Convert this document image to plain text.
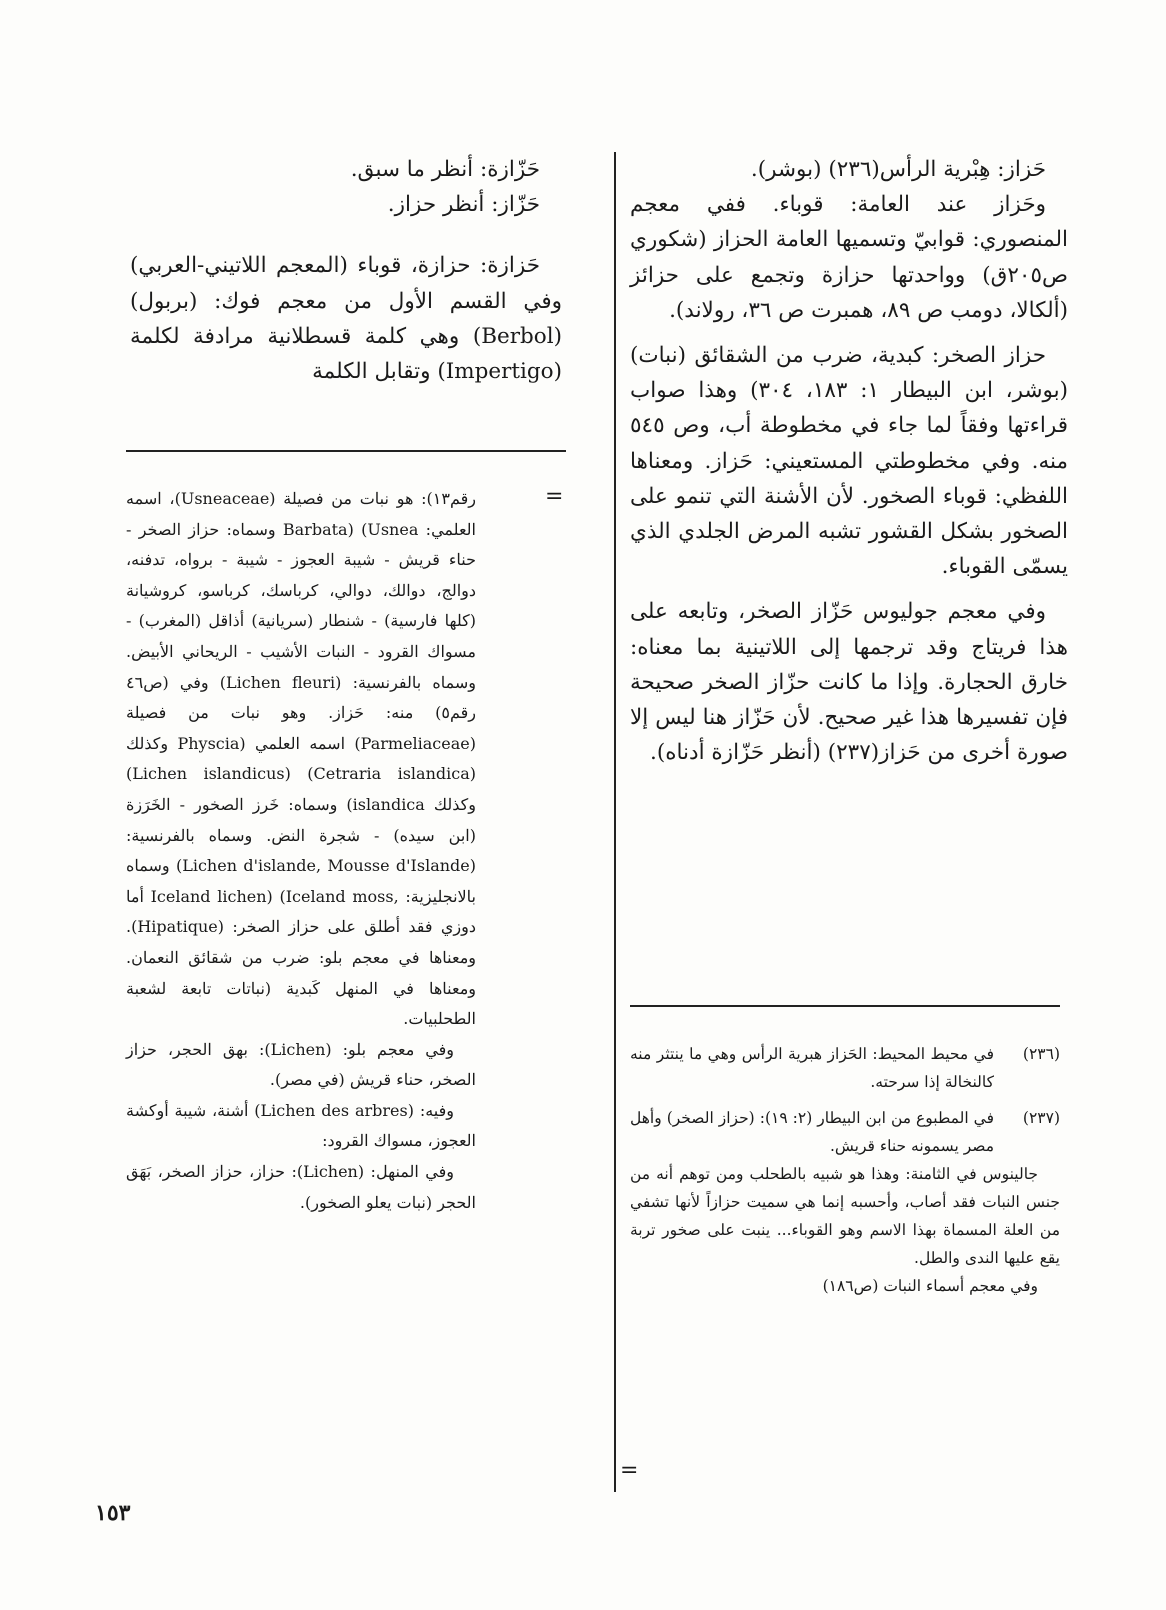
حَزاز: هِبْرية الرأس(٢٣٦) (بوشر).

وحَزاز عند العامة: قوباء. ففي معجم المنصوري: قوابيّ وتسميها العامة الحزاز (شكوري ص٢٠٥ق) وواحدتها حزازة وتجمع على حزائز (ألكالا، دومب ص ٨٩، همبرت ص ٣٦، رولاند).

حزاز الصخر: كبدية، ضرب من الشقائق (نبات) (بوشر، ابن البيطار ١: ١٨٣، ٣٠٤) وهذا صواب قراءتها وفقاً لما جاء في مخطوطة أب، وص ٥٤٥ منه. وفي مخطوطتي المستعيني: حَزاز. ومعناها اللفظي: قوباء الصخور. لأن الأشنة التي تنمو على الصخور بشكل القشور تشبه المرض الجلدي الذي يسمّى القوباء.

وفي معجم جوليوس حَزّاز الصخر، وتابعه على هذا فريتاج وقد ترجمها إلى اللاتينية بما معناه: خارق الحجارة. وإذا ما كانت حزّاز الصخر صحيحة فإن تفسيرها هذا غير صحيح. لأن حَزّاز هنا ليس إلا صورة أخرى من حَزاز(٢٣٧) (أنظر حَزّازة أدناه).

حَزّازة: أنظر ما سبق.

حَزّاز: أنظر حزاز.

حَزازة: حزازة، قوباء (المعجم اللاتيني-العربي) وفي القسم الأول من معجم فوك: (بربول) (Berbol) وهي كلمة قسطلانية مرادفة لكلمة (Impertigo) وتقابل الكلمة

=

رقم١٣): هو نبات من فصيلة (Usneaceae)، اسمه العلمي: Usnea) (Barbata وسماه: حزاز الصخر - حناء قريش - شيبة العجوز - شيبة - برواه، تدفنه، دوالج، دوالك، دوالي، كرباسك، كرباسو، كروشيانة (كلها فارسية) - شنطار (سريانية) أذاقل (المغرب) - مسواك القرود - النبات الأشيب - الريحاني الأبيض. وسماه بالفرنسية: (Lichen fleuri) وفي (ص٤٦ رقم٥) منه: حَزاز. وهو نبات من فصيلة (Parmeliaceae) اسمه العلمي (Physcia وكذلك (Cetraria islandica) (Lichen islandicus) وكذلك islandica) وسماه: خَرز الصخور - الخَرَزة (ابن سيده) - شجرة النض. وسماه بالفرنسية: (Lichen d'islande, Mousse d'Islande) وسماه بالانجليزية: ,Iceland moss) (Iceland lichen أما دوزي فقد أطلق على حزاز الصخر: (Hipatique). ومعناها في معجم بلو: ضرب من شقائق النعمان. ومعناها في المنهل كَبدية (نباتات تابعة لشعبة الطحلبيات.

وفي معجم بلو: (Lichen): بهق الحجر، حزاز الصخر، حناء قريش (في مصر).

وفيه: (Lichen des arbres) أشنة، شيبة أوكشة العجوز، مسواك القرود:

وفي المنهل: (Lichen): حزاز، حزاز الصخر، بَهَق الحجر (نبات يعلو الصخور).

(٢٣٦)
في محيط المحيط: الحَزاز هبرية الرأس وهي ما ينتثر منه كالنخالة إذا سرحته.
(٢٣٧)
في المطبوع من ابن البيطار (٢: ١٩): (حزاز الصخر) وأهل مصر يسمونه حناء قريش.

جالينوس في الثامنة: وهذا هو شبيه بالطحلب ومن توهم أنه من جنس النبات فقد أصاب، وأحسبه إنما هي سميت حزازاً لأنها تشفي من العلة المسماة بهذا الاسم وهو القوباء... ينبت على صخور تربة يقع عليها الندى والطل.

وفي معجم أسماء النبات (ص١٨٦)

=
١٥٣
